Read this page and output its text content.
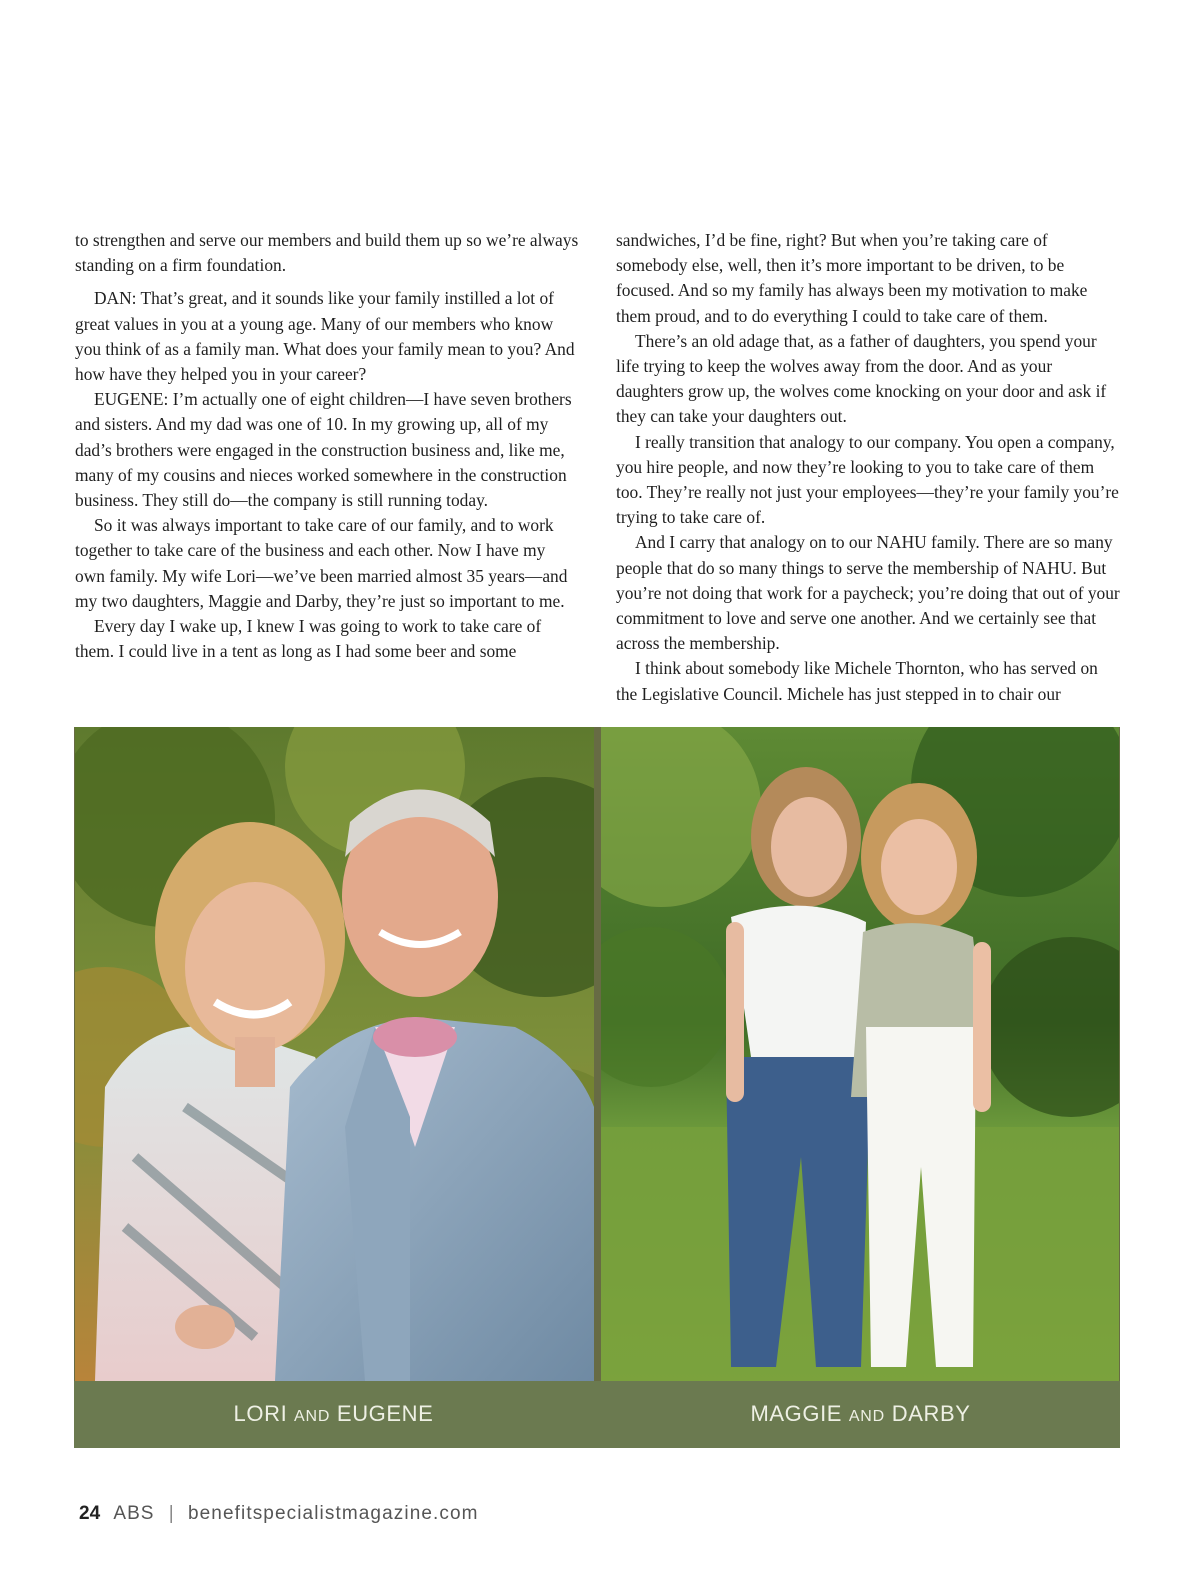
to strengthen and serve our members and build them up so we’re always standing on a firm foundation.

DAN: That’s great, and it sounds like your family instilled a lot of great values in you at a young age. Many of our members who know you think of as a family man. What does your family mean to you? And how have they helped you in your career?

EUGENE: I’m actually one of eight children—I have seven brothers and sisters. And my dad was one of 10. In my growing up, all of my dad’s brothers were engaged in the construction business and, like me, many of my cousins and nieces worked somewhere in the construction business. They still do—the company is still running today.

So it was always important to take care of our family, and to work together to take care of the business and each other. Now I have my own family. My wife Lori—we’ve been married almost 35 years—and my two daughters, Maggie and Darby, they’re just so important to me.

Every day I wake up, I knew I was going to work to take care of them. I could live in a tent as long as I had some beer and some

sandwiches, I’d be fine, right? But when you’re taking care of somebody else, well, then it’s more important to be driven, to be focused. And so my family has always been my motivation to make them proud, and to do everything I could to take care of them.

There’s an old adage that, as a father of daughters, you spend your life trying to keep the wolves away from the door. And as your daughters grow up, the wolves come knocking on your door and ask if they can take your daughters out.

I really transition that analogy to our company. You open a company, you hire people, and now they’re looking to you to take care of them too. They’re really not just your employees—they’re your family you’re trying to take care of.

And I carry that analogy on to our NAHU family. There are so many people that do so many things to serve the membership of NAHU. But you’re not doing that work for a paycheck; you’re doing that out of your commitment to love and serve one another. And we certainly see that across the membership.

I think about somebody like Michele Thornton, who has served on the Legislative Council. Michele has just stepped in to chair our

LORI AND EUGENE	MAGGIE AND DARBY
24 ABS | benefitspecialistmagazine.com
